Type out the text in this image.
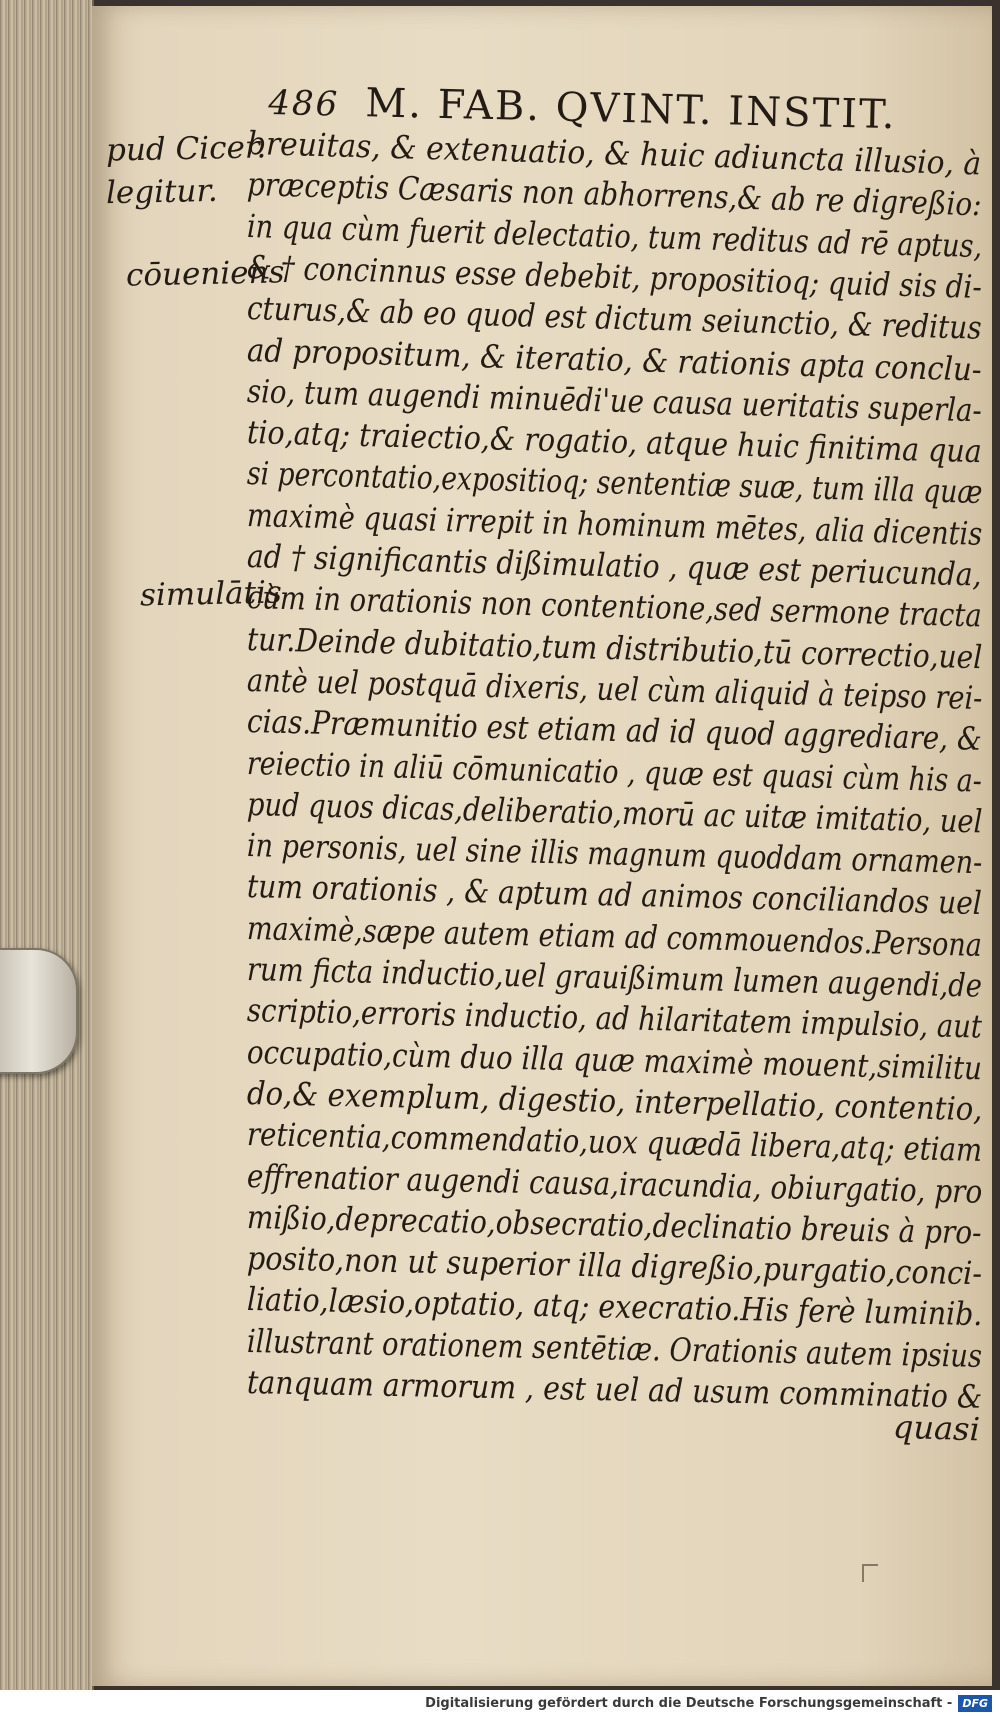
486 M. FAB. QVINT. INSTIT.
pud Cicer.
legitur.
cōueniens
simulātis
breuitas, & extenuatio, & huic adiuncta illusio, à
præceptis Cæsaris non abhorrens,& ab re digreßio:
in qua cùm fuerit delectatio, tum reditus ad rē aptus,
& † concinnus esse debebit, propositioq; quid sis di-
cturus,& ab eo quod est dictum seiunctio, & reditus
ad propositum, & iteratio, & rationis apta conclu-
sio, tum augendi minuēdi'ue causa ueritatis superla-
tio,atq; traiectio,& rogatio, atque huic finitima qua
si percontatio,expositioq; sententiæ suæ, tum illa quæ
maximè quasi irrepit in hominum mētes, alia dicentis
ad † significantis dißimulatio , quæ est periucunda,
cùm in orationis non contentione,sed sermone tracta
tur.Deinde dubitatio,tum distributio,tū correctio,uel
antè uel postquā dixeris, uel cùm aliquid à teipso rei-
cias.Præmunitio est etiam ad id quod aggrediare, &
reiectio in aliū cōmunicatio , quæ est quasi cùm his a-
pud quos dicas,deliberatio,morū ac uitæ imitatio, uel
in personis, uel sine illis magnum quoddam ornamen-
tum orationis , & aptum ad animos conciliandos uel
maximè,sæpe autem etiam ad commouendos.Persona
rum ficta inductio,uel grauißimum lumen augendi,de
scriptio,erroris inductio, ad hilaritatem impulsio, aut
occupatio,cùm duo illa quæ maximè mouent,similitu
do,& exemplum, digestio, interpellatio, contentio,
reticentia,commendatio,uox quædā libera,atq; etiam
effrenatior augendi causa,iracundia, obiurgatio, pro
mißio,deprecatio,obsecratio,declinatio breuis à pro-
posito,non ut superior illa digreßio,purgatio,conci-
liatio,læsio,optatio, atq; execratio.His ferè luminib.
illustrant orationem sentētiæ. Orationis autem ipsius
tanquam armorum , est uel ad usum comminatio &
quasi
Digitalisierung gefördert durch die Deutsche Forschungsgemeinschaft - DFG
